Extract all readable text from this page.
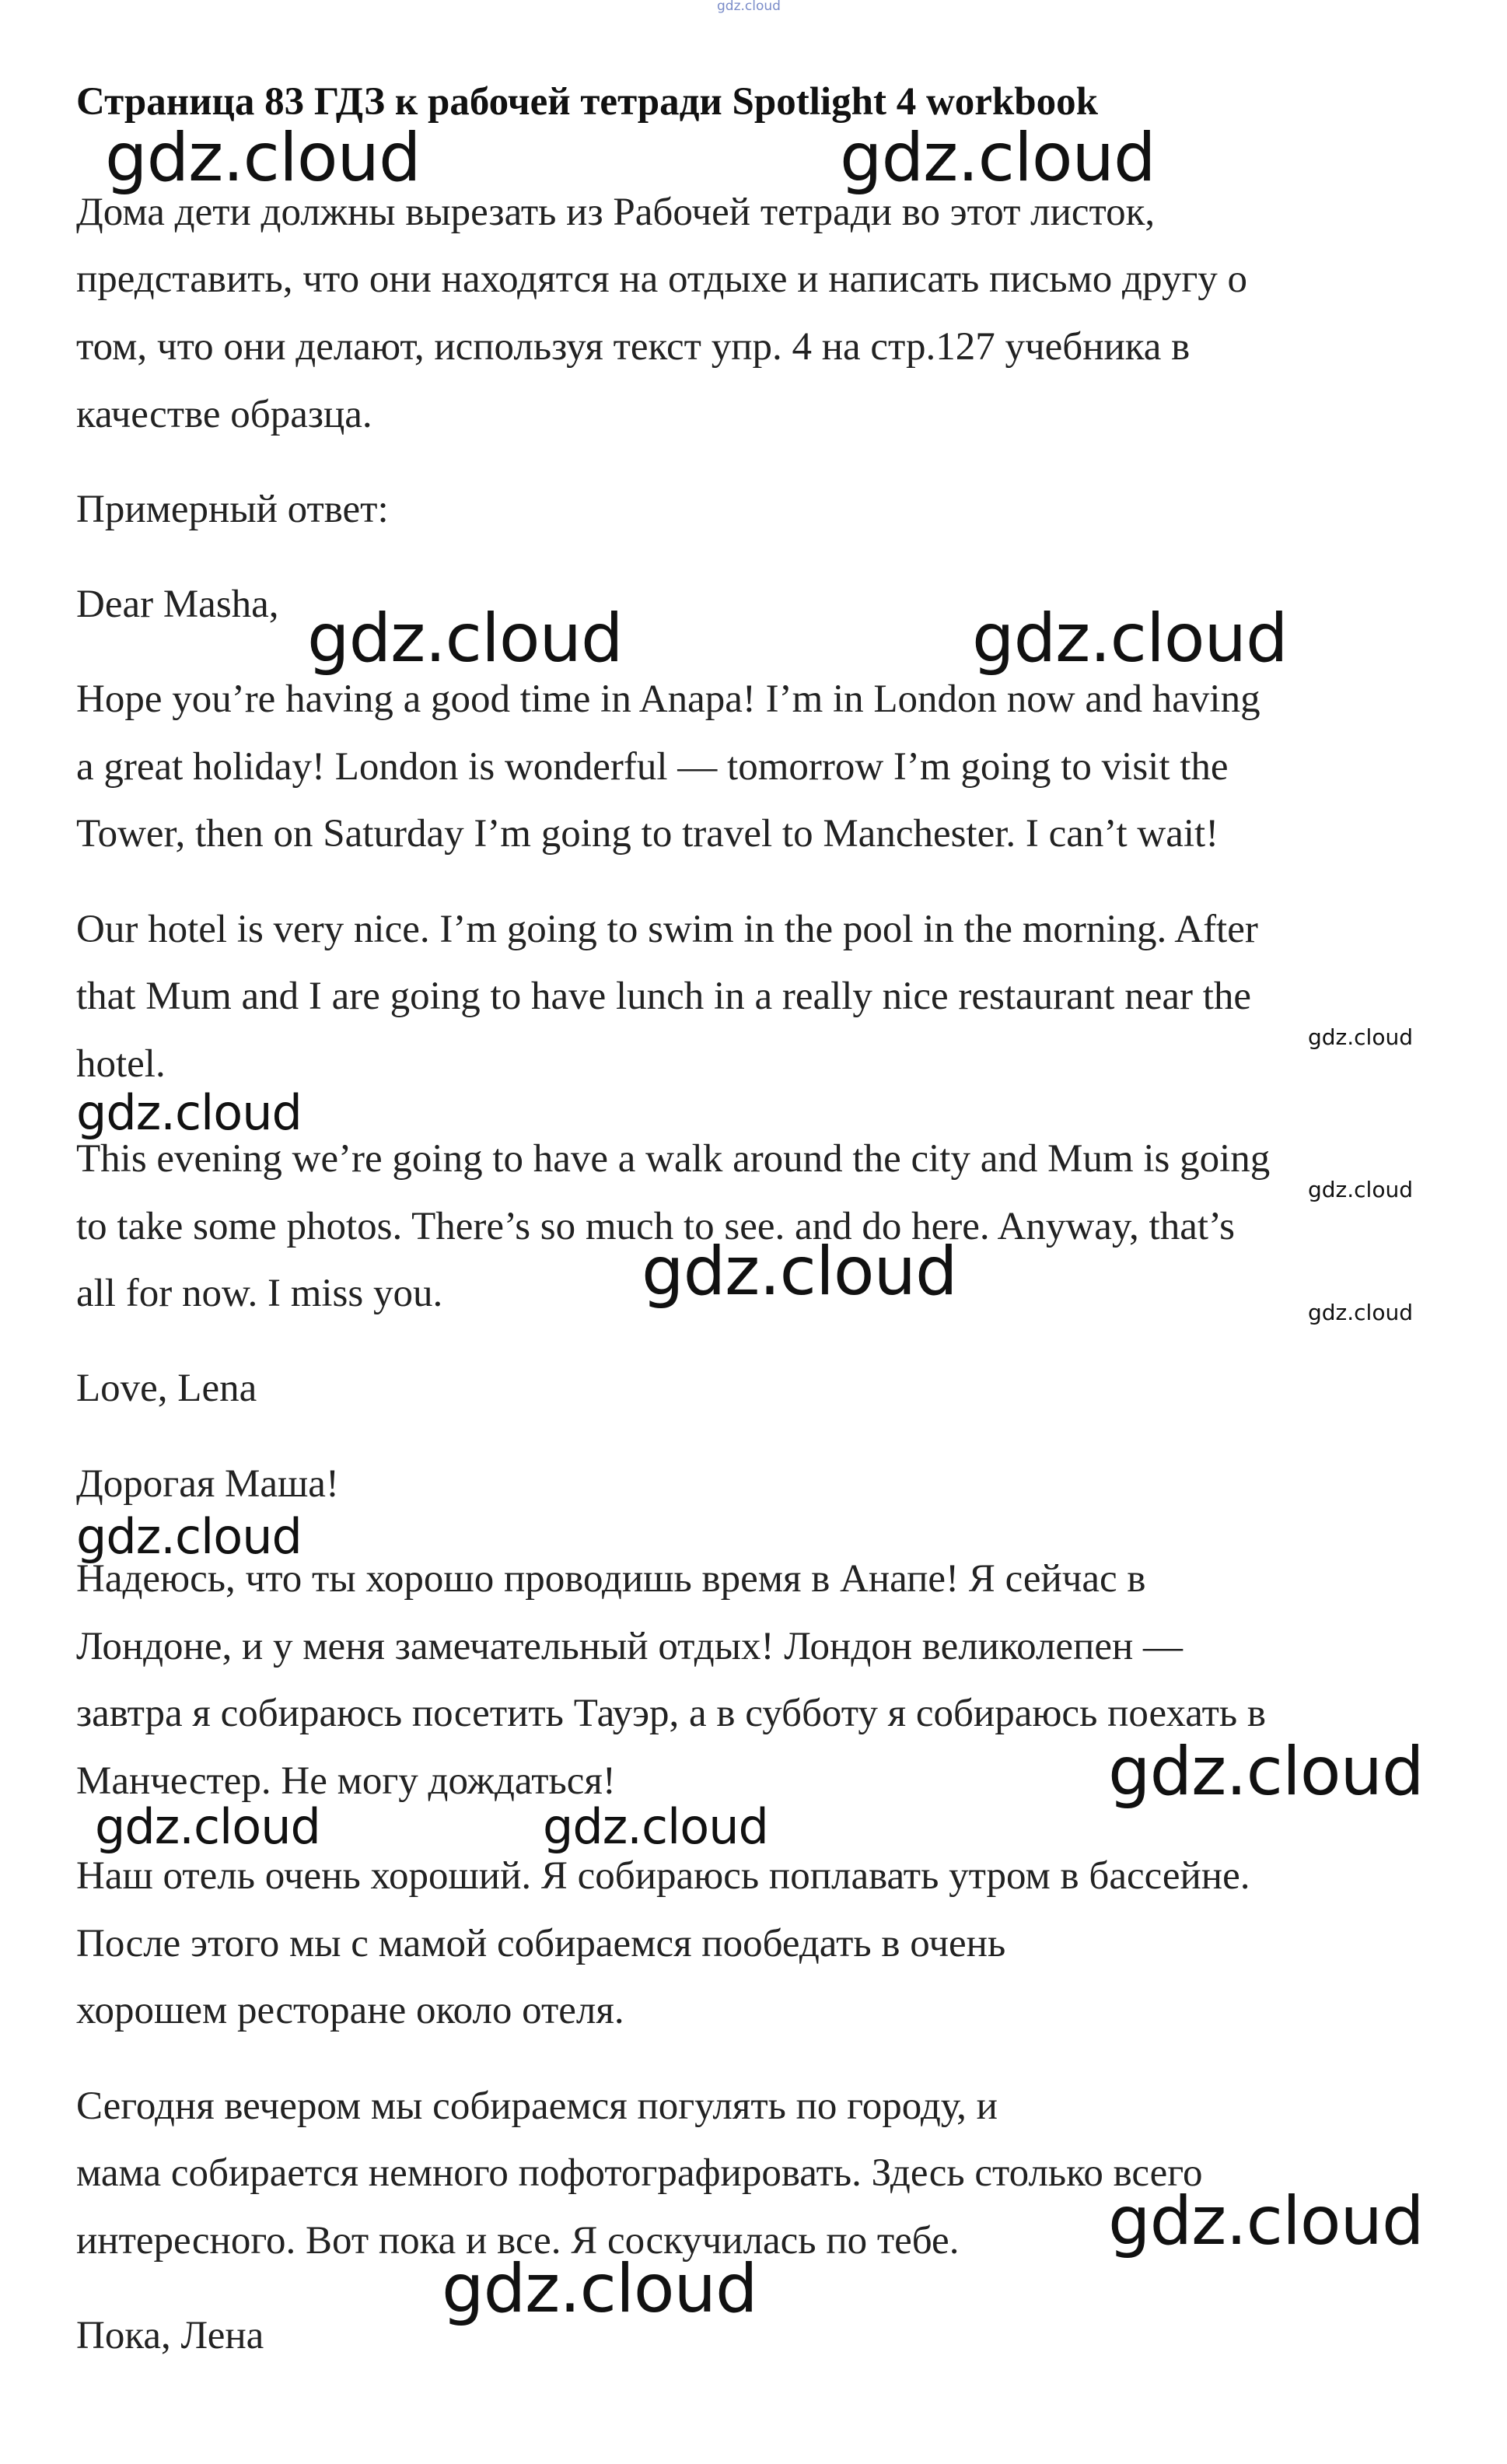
gdz.cloud
Страница 83 ГДЗ к рабочей тетради Spotlight 4 workbook
Дома дети должны вырезать из Рабочей тетради во этот листок,
представить, что они находятся на отдыхе и написать письмо другу о
том, что они делают, используя текст упр. 4 на стр.127 учебника в
качестве образца.
Примерный ответ:
Dear Masha,
Hope you’re having a good time in Anapa! I’m in London now and having
a great holiday! London is wonderful — tomorrow I’m going to visit the
Tower, then on Saturday I’m going to travel to Manchester. I can’t wait!
Our hotel is very nice. I’m going to swim in the pool in the morning. After
that Mum and I are going to have lunch in a really nice restaurant near the
hotel.
This evening we’re going to have a walk around the city and Mum is going
to take some photos. There’s so much to see. and do here. Anyway, that’s
all for now. I miss you.
Love, Lena
Дорогая Маша!
Надеюсь, что ты хорошо проводишь время в Анапе! Я сейчас в
Лондоне, и у меня замечательный отдых! Лондон великолепен —
завтра я собираюсь посетить Тауэр, а в субботу я собираюсь поехать в
Манчестер. Не могу дождаться!
Наш отель очень хороший. Я собираюсь поплавать утром в бассейне.
После этого мы с мамой собираемся пообедать в очень
хорошем ресторане около отеля.
Сегодня вечером мы собираемся погулять по городу, и
мама собирается немного пофотографировать. Здесь столько всего
интересного. Вот пока и все. Я соскучилась по тебе.
Пока, Лена
gdz.cloud	gdz.cloud
gdz.cloud	gdz.cloud
gdz.cloud
gdz.cloud
gdz.cloud
gdz.cloud
gdz.cloud
gdz.cloud
gdz.cloud
gdz.cloud	gdz.cloud
gdz.cloud
gdz.cloud
